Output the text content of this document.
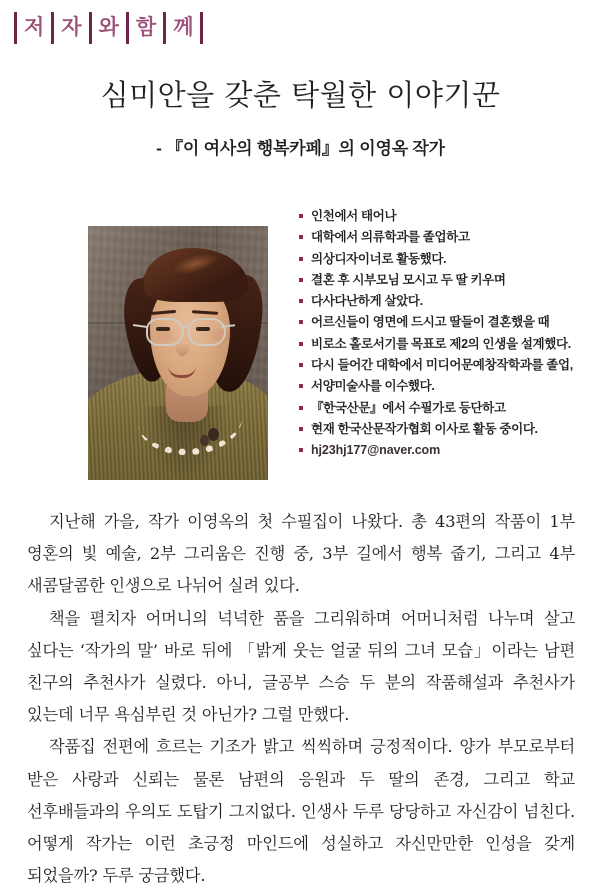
저 자 와 함 께
심미안을 갖춘 탁월한 이야기꾼

- 『이 여사의 행복카페』의 이영옥 작가

인천에서 태어나
대학에서 의류학과를 졸업하고
의상디자이너로 활동했다.
결혼 후 시부모님 모시고 두 딸 키우며
다사다난하게 살았다.
어르신들이 영면에 드시고 딸들이 결혼했을 때
비로소 홀로서기를 목표로 제2의 인생을 설계했다.
다시 들어간 대학에서 미디어문예창작학과를 졸업,
서양미술사를 이수했다.
『한국산문』에서 수필가로 등단하고
현재 한국산문작가협회 이사로 활동 중이다.
hj23hj177@naver.com

지난해 가을, 작가 이영옥의 첫 수필집이 나왔다. 총 43편의 작품이 1부 영혼의 빛 예술, 2부 그리움은 진행 중, 3부 길에서 행복 줍기, 그리고 4부 새콤달콤한 인생으로 나뉘어 실려 있다.

책을 펼치자 어머니의 넉넉한 품을 그리워하며 어머니처럼 나누며 살고 싶다는 ‘작가의 말’ 바로 뒤에 「밝게 웃는 얼굴 뒤의 그녀 모습」이라는 남편 친구의 추천사가 실렸다. 아니, 글공부 스승 두 분의 작품해설과 추천사가 있는데 너무 욕심부린 것 아닌가? 그럴 만했다.

작품집 전편에 흐르는 기조가 밝고 씩씩하며 긍정적이다. 양가 부모로부터 받은 사랑과 신뢰는 물론 남편의 응원과 두 딸의 존경, 그리고 학교 선후배들과의 우의도 도탑기 그지없다. 인생사 두루 당당하고 자신감이 넘친다. 어떻게 작가는 이런 초긍정 마인드에 성실하고 자신만만한 인성을 갖게 되었을까? 두루 궁금했다.
